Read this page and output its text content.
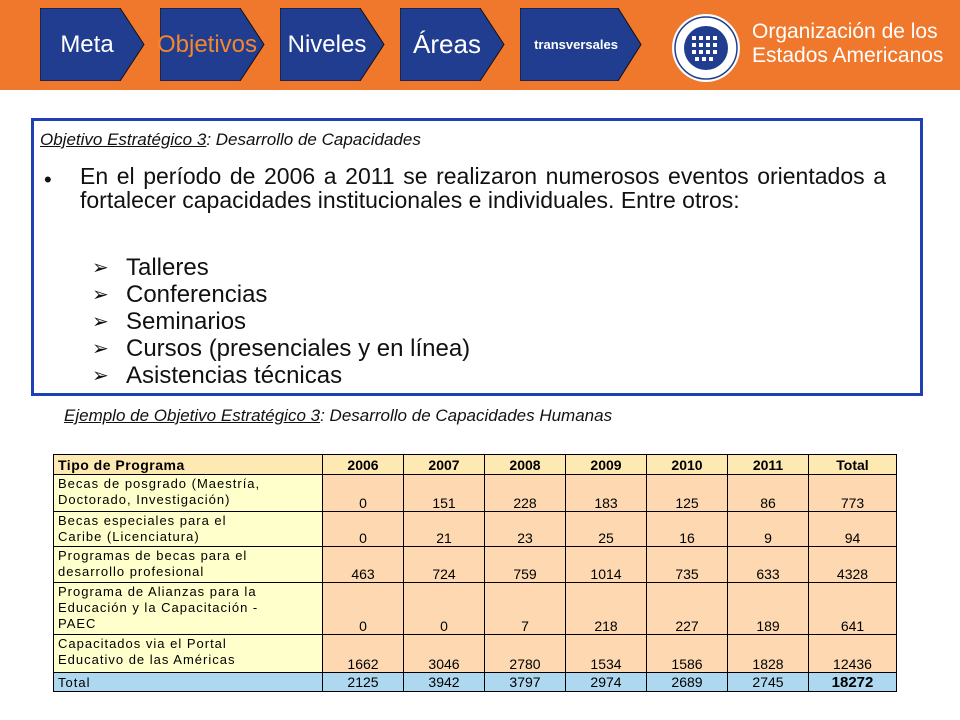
Meta	Objetivos	Niveles	Áreas	transversales
Organización de los
Estados Americanos
Objetivo Estratégico 3: Desarrollo de Capacidades
• En el período de 2006 a 2011 se realizaron numerosos eventos orientados a fortalecer capacidades institucionales e individuales. Entre otros:
➢ Talleres
➢ Conferencias
➢ Seminarios
➢ Cursos (presenciales y en línea)
➢ Asistencias técnicas
Ejemplo de Objetivo Estratégico 3: Desarrollo de Capacidades Humanas
Tipo de Programa	2006	2007	2008	2009	2010	2011	Total

Becas de posgrado (Maestría,
Doctorado, Investigación)	0	151	228	183	125	86	773

Becas especiales para el
Caribe (Licenciatura)	0	21	23	25	16	9	94

Programas de becas para el
desarrollo profesional	463	724	759	1014	735	633	4328

Programa de Alianzas para la
Educación y la Capacitación -
PAEC	0	0	7	218	227	189	641

Capacitados via el Portal
Educativo de las Américas	1662	3046	2780	1534	1586	1828	12436
Total	2125	3942	3797	2974	2689	2745	18272
